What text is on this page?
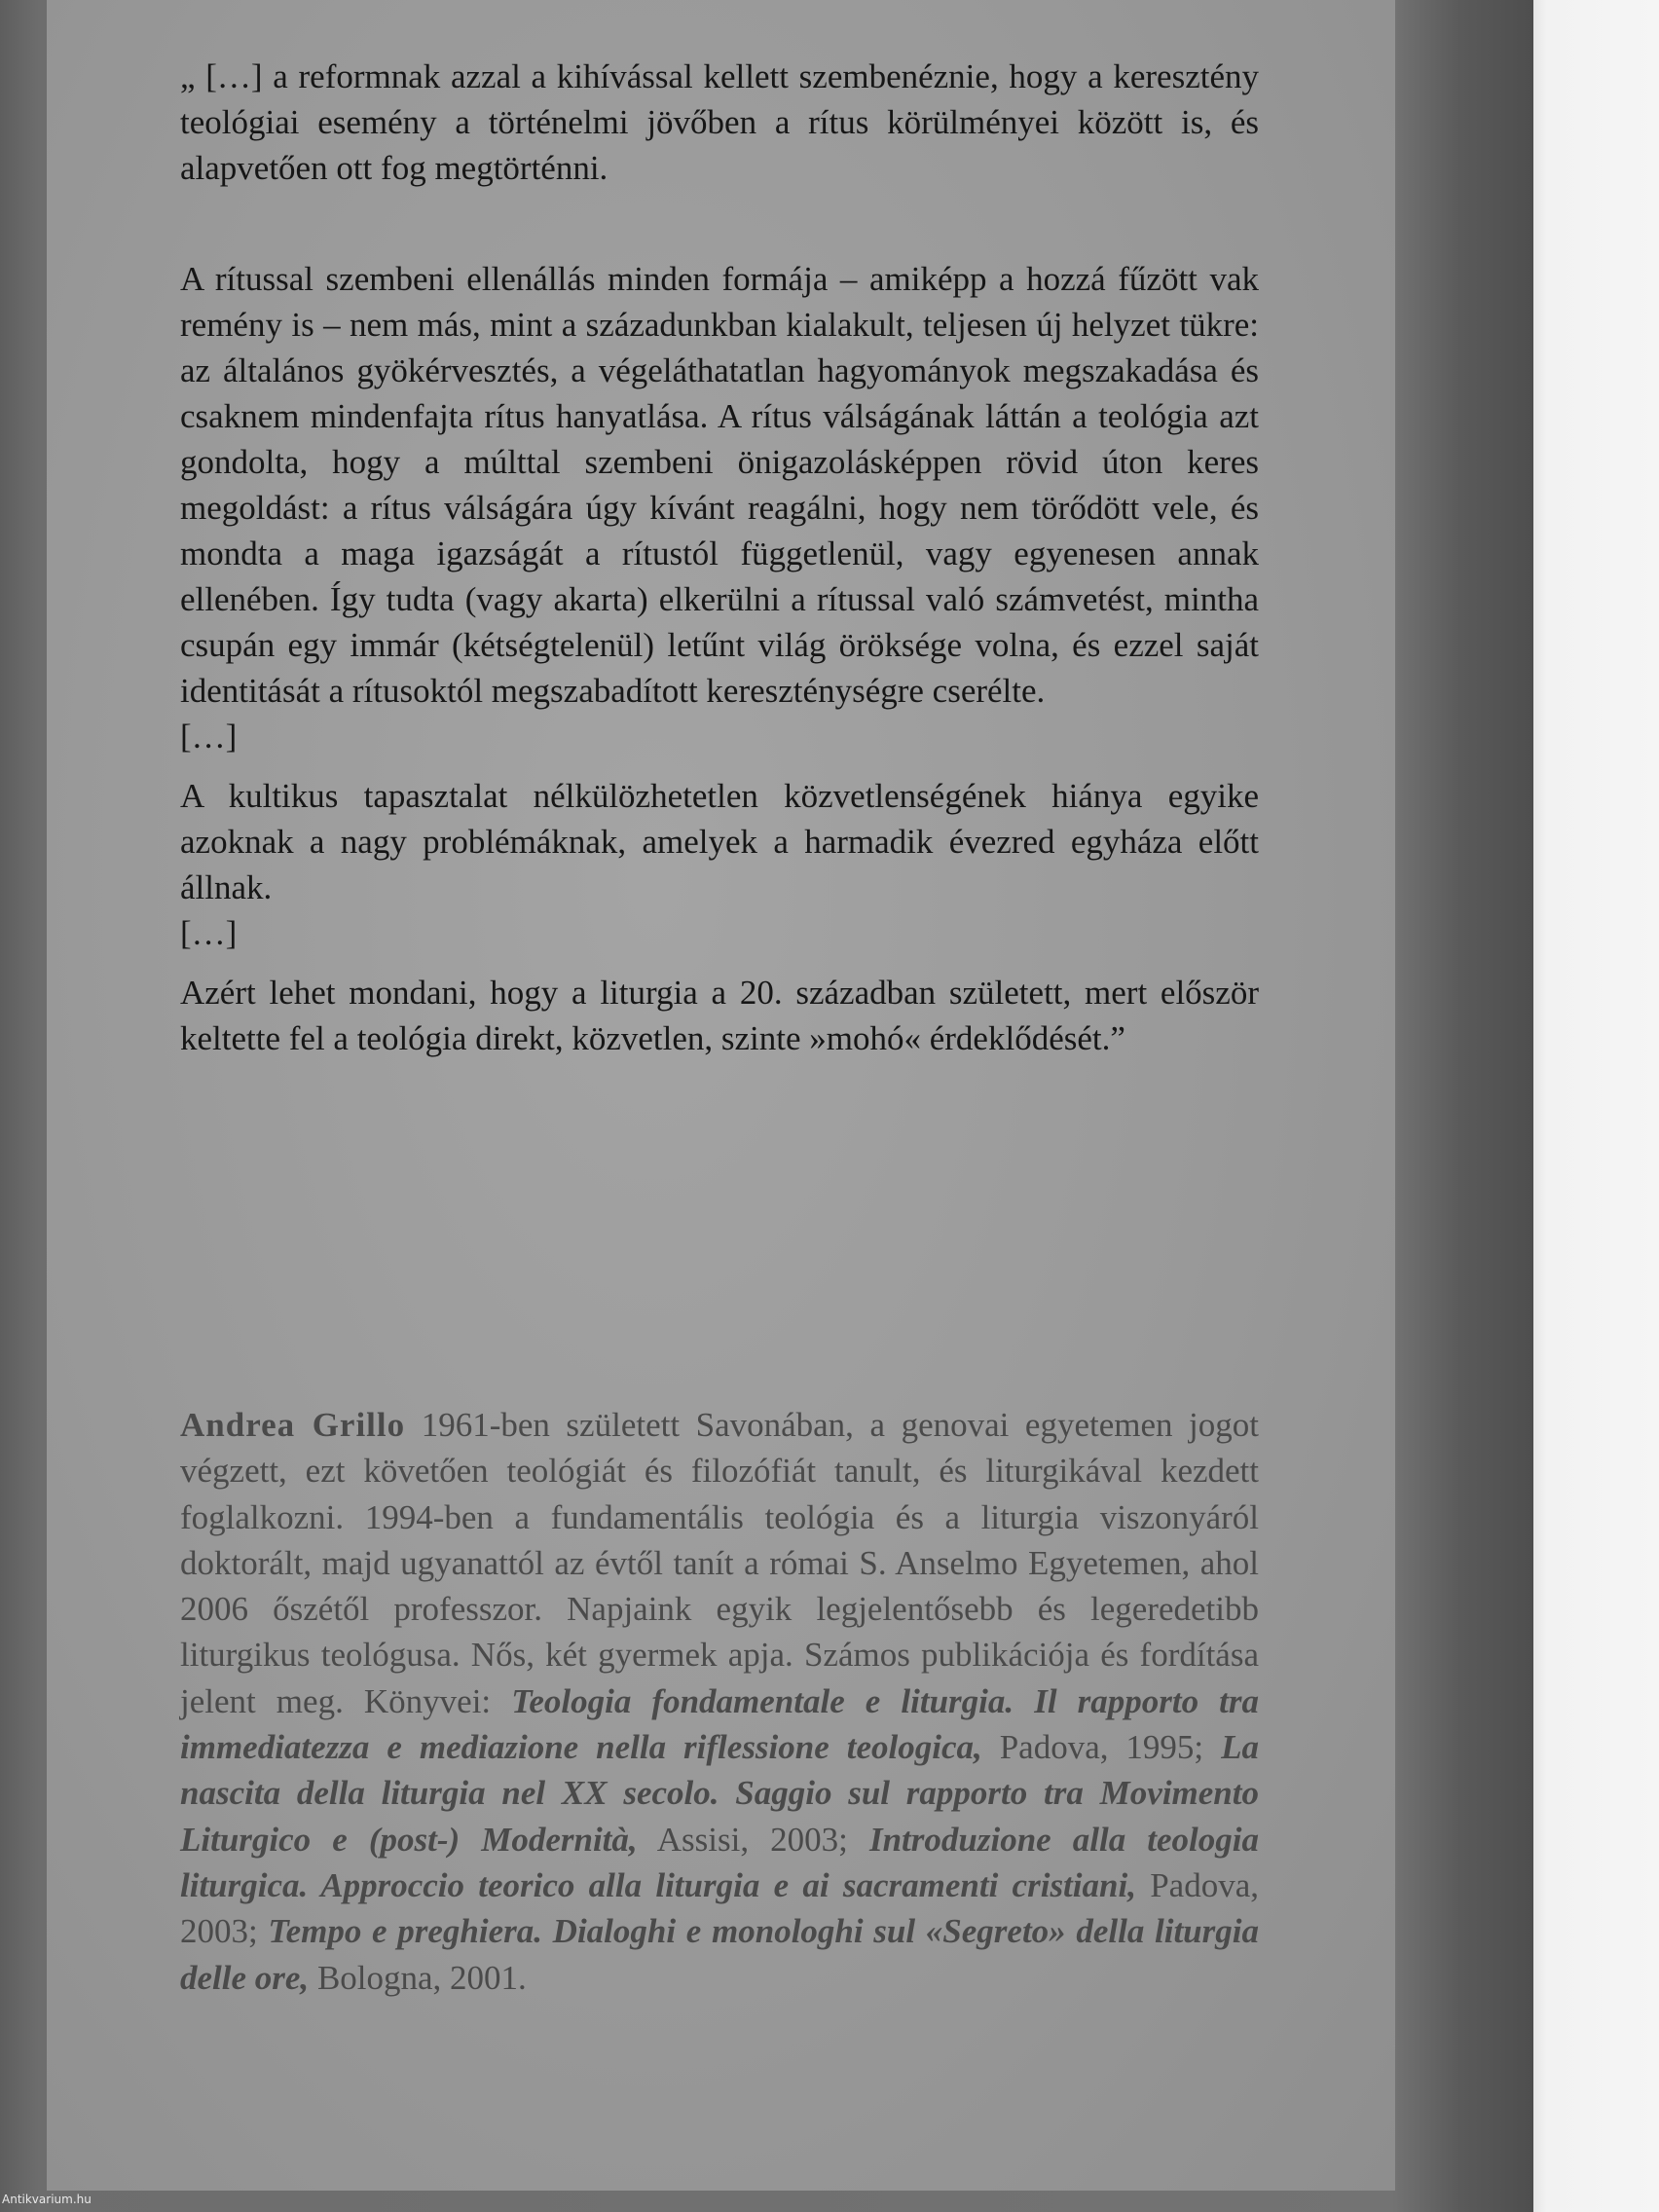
„ […] a reformnak azzal a kihívással kellett szembenéznie, hogy a keresztény teológiai esemény a történelmi jövőben a rítus körülményei között is, és alapvetően ott fog megtörténni.

A rítussal szembeni ellenállás minden formája – amiképp a hozzá fűzött vak remény is – nem más, mint a századunkban kialakult, teljesen új helyzet tükre: az általános gyökérvesztés, a végeláthatatlan hagyományok megszakadása és csaknem mindenfajta rítus hanyatlása. A rítus válságának láttán a teológia azt gondolta, hogy a múlttal szembeni önigazolásképpen rövid úton keres megoldást: a rítus válságára úgy kívánt reagálni, hogy nem törődött vele, és mondta a maga igazságát a rítustól függetlenül, vagy egyenesen annak ellenében. Így tudta (vagy akarta) elkerülni a rítussal való számvetést, mintha csupán egy immár (kétségtelenül) letűnt világ öröksége volna, és ezzel saját identitását a rítusoktól megszabadított kereszténységre cserélte.

[…]

A kultikus tapasztalat nélkülözhetetlen közvetlenségének hiánya egyike azoknak a nagy problémáknak, amelyek a harmadik évezred egyháza előtt állnak.

[…]

Azért lehet mondani, hogy a liturgia a 20. században született, mert először keltette fel a teológia direkt, közvetlen, szinte »mohó« érdeklődését.”

Andrea Grillo 1961-ben született Savonában, a genovai egyetemen jogot végzett, ezt követően teológiát és filozófiát tanult, és liturgikával kezdett foglalkozni. 1994-ben a fundamentális teológia és a liturgia viszonyáról doktorált, majd ugyanattól az évtől tanít a római S. Anselmo Egyetemen, ahol 2006 őszétől professzor. Napjaink egyik legjelentősebb és legeredetibb liturgikus teológusa. Nős, két gyermek apja. Számos publikációja és fordítása jelent meg. Könyvei: Teologia fondamentale e liturgia. Il rapporto tra immediatezza e mediazione nella riflessione teologica, Padova, 1995; La nascita della liturgia nel XX secolo. Saggio sul rapporto tra Movimento Liturgico e (post-) Modernità, Assisi, 2003; Introduzione alla teologia liturgica. Approccio teorico alla liturgia e ai sacramenti cristiani, Padova, 2003; Tempo e preghiera. Dialoghi e monologhi sul «Segreto» della liturgia delle ore, Bologna, 2001.

Antikvarium.hu
